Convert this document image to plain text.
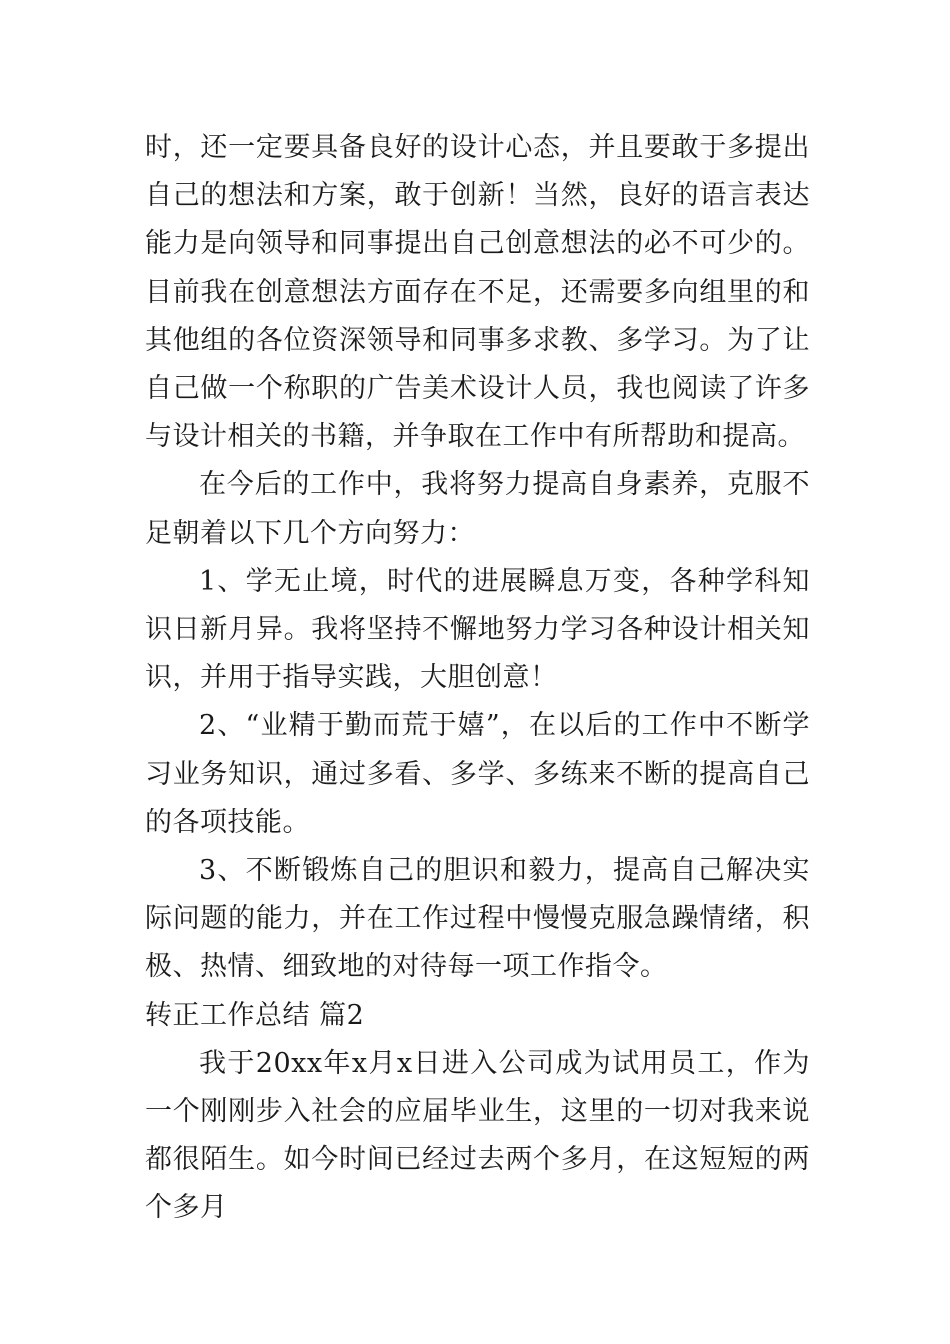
时，还一定要具备良好的设计心态，并且要敢于多提出自己的想法和方案，敢于创新！当然，良好的语言表达能力是向领导和同事提出自己创意想法的必不可少的。目前我在创意想法方面存在不足，还需要多向组里的和其他组的各位资深领导和同事多求教、多学习。为了让自己做一个称职的广告美术设计人员，我也阅读了许多与设计相关的书籍，并争取在工作中有所帮助和提高。

在今后的工作中，我将努力提高自身素养，克服不足朝着以下几个方向努力：

1、学无止境，时代的进展瞬息万变，各种学科知识日新月异。我将坚持不懈地努力学习各种设计相关知识，并用于指导实践，大胆创意！

2、“业精于勤而荒于嬉”，在以后的工作中不断学习业务知识，通过多看、多学、多练来不断的提高自己的各项技能。

3、不断锻炼自己的胆识和毅力，提高自己解决实际问题的能力，并在工作过程中慢慢克服急躁情绪，积极、热情、细致地的对待每一项工作指令。

转正工作总结 篇2

我于20xx年x月x日进入公司成为试用员工，作为一个刚刚步入社会的应届毕业生，这里的一切对我来说都很陌生。如今时间已经过去两个多月，在这短短的两个多月
